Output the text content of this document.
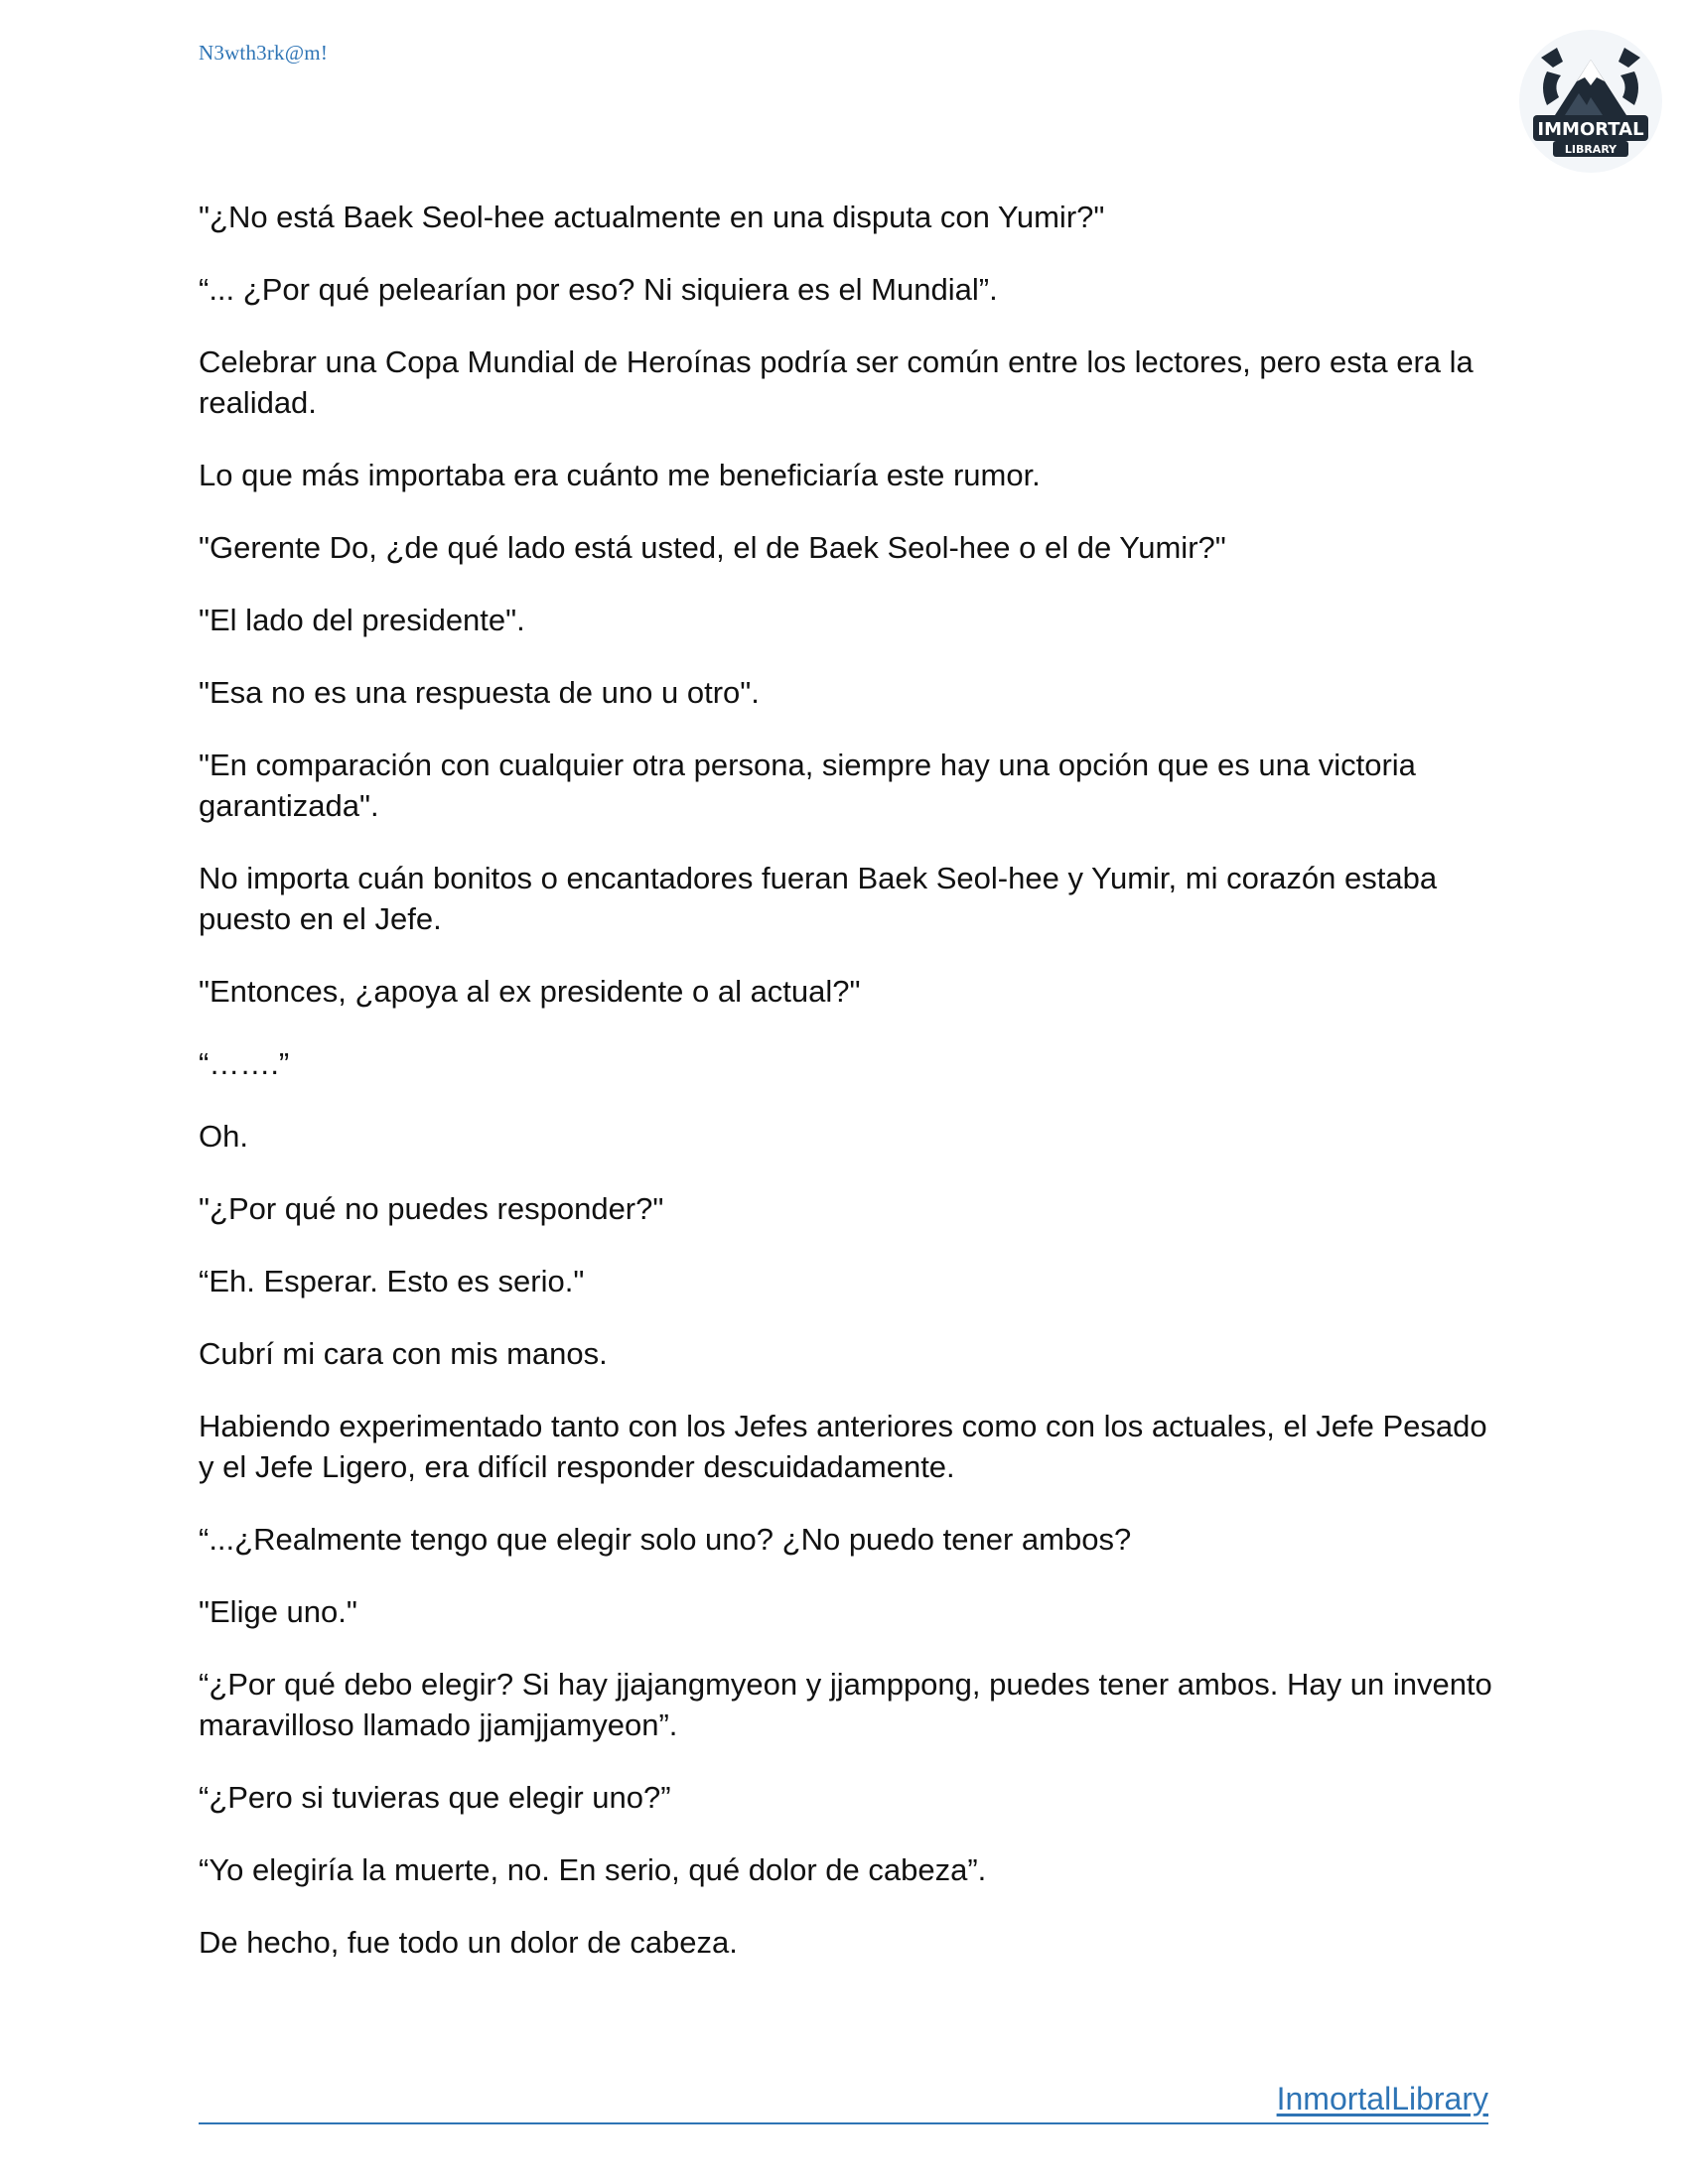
N3wth3rk@m!
IMMORTAL
LIBRARY

"¿No está Baek Seol-hee actualmente en una disputa con Yumir?"

“... ¿Por qué pelearían por eso? Ni siquiera es el Mundial”.

Celebrar una Copa Mundial de Heroínas podría ser común entre los lectores, pero esta era la realidad.

Lo que más importaba era cuánto me beneficiaría este rumor.

"Gerente Do, ¿de qué lado está usted, el de Baek Seol-hee o el de Yumir?"

"El lado del presidente".

"Esa no es una respuesta de uno u otro".

"En comparación con cualquier otra persona, siempre hay una opción que es una victoria garantizada".

No importa cuán bonitos o encantadores fueran Baek Seol-hee y Yumir, mi corazón estaba puesto en el Jefe.

"Entonces, ¿apoya al ex presidente o al actual?"

“…….”

Oh.

"¿Por qué no puedes responder?"

“Eh. Esperar. Esto es serio."

Cubrí mi cara con mis manos.

Habiendo experimentado tanto con los Jefes anteriores como con los actuales, el Jefe Pesado y el Jefe Ligero, era difícil responder descuidadamente.

“...¿Realmente tengo que elegir solo uno? ¿No puedo tener ambos?

"Elige uno."

“¿Por qué debo elegir? Si hay jjajangmyeon y jjamppong, puedes tener ambos. Hay un invento maravilloso llamado jjamjjamyeon”.

“¿Pero si tuvieras que elegir uno?”

“Yo elegiría la muerte, no. En serio, qué dolor de cabeza”.

De hecho, fue todo un dolor de cabeza.

InmortalLibrary
